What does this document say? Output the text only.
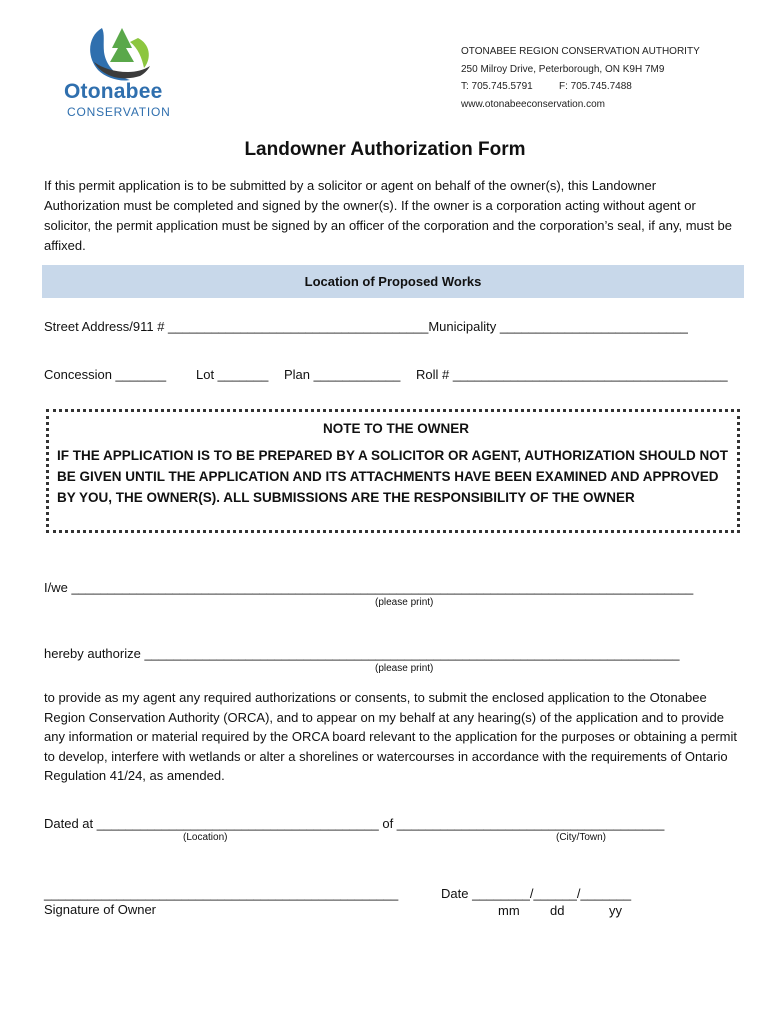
Otonabee
CONSERVATION
OTONABEE REGION CONSERVATION AUTHORITY
250 Milroy Drive, Peterborough, ON K9H 7M9
T: 705.745.5791	F: 705.745.7488
www.otonabeeconservation.com
Landowner Authorization Form
If this permit application is to be submitted by a solicitor or agent on behalf of the owner(s), this Landowner Authorization must be completed and signed by the owner(s). If the owner is a corporation acting without agent or solicitor, the permit application must be signed by an officer of the corporation and the corporation’s seal, if any, must be affixed.
Location of Proposed Works
Street Address/911 # ____________________________________Municipality __________________________
Concession _______ Lot _______ Plan ____________ Roll # ______________________________________
NOTE TO THE OWNER
IF THE APPLICATION IS TO BE PREPARED BY A SOLICITOR OR AGENT, AUTHORIZATION SHOULD NOT BE GIVEN UNTIL THE APPLICATION AND ITS ATTACHMENTS HAVE BEEN EXAMINED AND APPROVED BY YOU, THE OWNER(S). ALL SUBMISSIONS ARE THE RESPONSIBILITY OF THE OWNER
I/we ______________________________________________________________________________________
(please print)
hereby authorize __________________________________________________________________________
(please print)
to provide as my agent any required authorizations or consents, to submit the enclosed application to the Otonabee Region Conservation Authority (ORCA), and to appear on my behalf at any hearing(s) of the application and to provide any information or material required by the ORCA board relevant to the application for the purposes or obtaining a permit to develop, interfere with wetlands or alter a shorelines or watercourses in accordance with the requirements of Ontario Regulation 41/24, as amended.
Dated at _______________________________________ of _____________________________________
(Location)	(City/Town)
_________________________________________________
Signature of Owner
Date ________/______/_______
mm dd	yy
